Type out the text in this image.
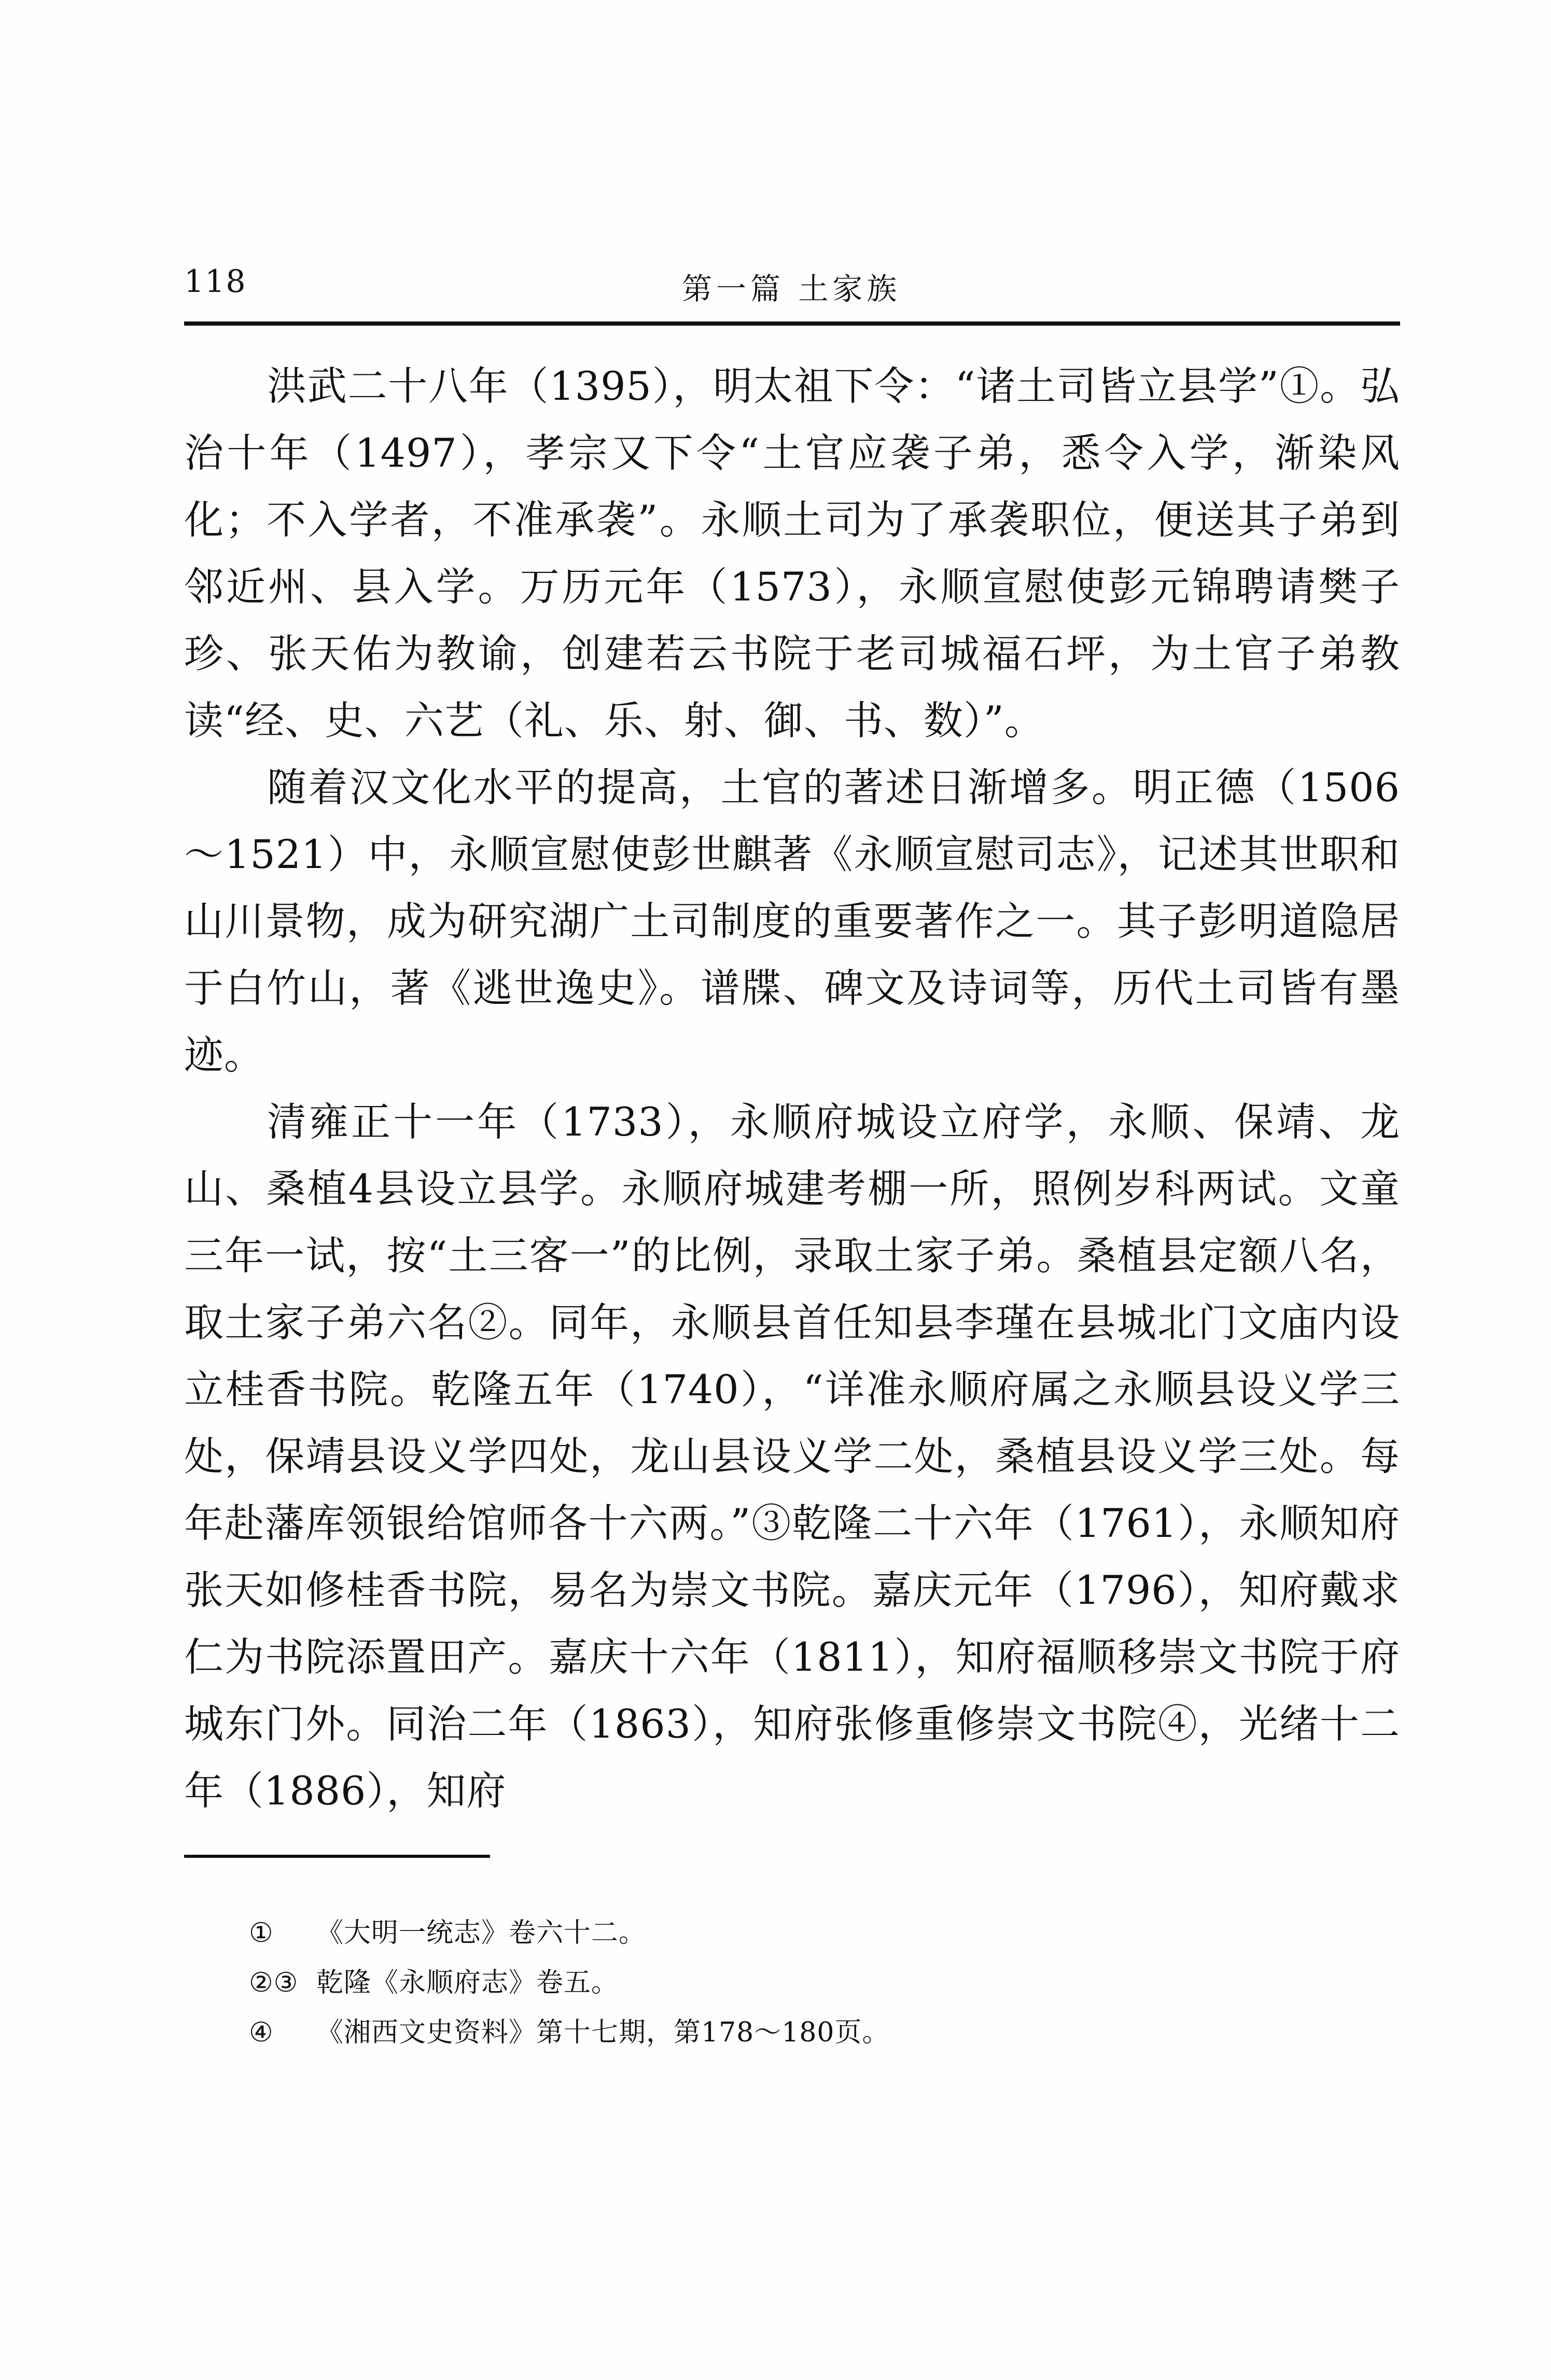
118	第一篇 土家族

洪武二十八年（1395），明太祖下令：“诸土司皆立县学”①。弘治十年（1497），孝宗又下令“土官应袭子弟，悉令入学，渐染风化；不入学者，不准承袭”。永顺土司为了承袭职位，便送其子弟到邻近州、县入学。万历元年（1573），永顺宣慰使彭元锦聘请樊子珍、张天佑为教谕，创建若云书院于老司城福石坪，为土官子弟教读“经、史、六艺（礼、乐、射、御、书、数）”。

随着汉文化水平的提高，土官的著述日渐增多。明正德（1506～1521）中，永顺宣慰使彭世麒著《永顺宣慰司志》，记述其世职和山川景物，成为研究湖广土司制度的重要著作之一。其子彭明道隐居于白竹山，著《逃世逸史》。谱牒、碑文及诗词等，历代土司皆有墨迹。

清雍正十一年（1733），永顺府城设立府学，永顺、保靖、龙山、桑植4县设立县学。永顺府城建考棚一所，照例岁科两试。文童三年一试，按“土三客一”的比例，录取土家子弟。桑植县定额八名，取土家子弟六名②。同年，永顺县首任知县李瑾在县城北门文庙内设立桂香书院。乾隆五年（1740），“详准永顺府属之永顺县设义学三处，保靖县设义学四处，龙山县设义学二处，桑植县设义学三处。每年赴藩库领银给馆师各十六两。”③乾隆二十六年（1761），永顺知府张天如修桂香书院，易名为崇文书院。嘉庆元年（1796），知府戴求仁为书院添置田产。嘉庆十六年（1811），知府福顺移崇文书院于府城东门外。同治二年（1863），知府张修重修崇文书院④，光绪十二年（1886），知府

① 《大明一统志》卷六十二。
②③ 乾隆《永顺府志》卷五。
④ 《湘西文史资料》第十七期，第178～180页。
